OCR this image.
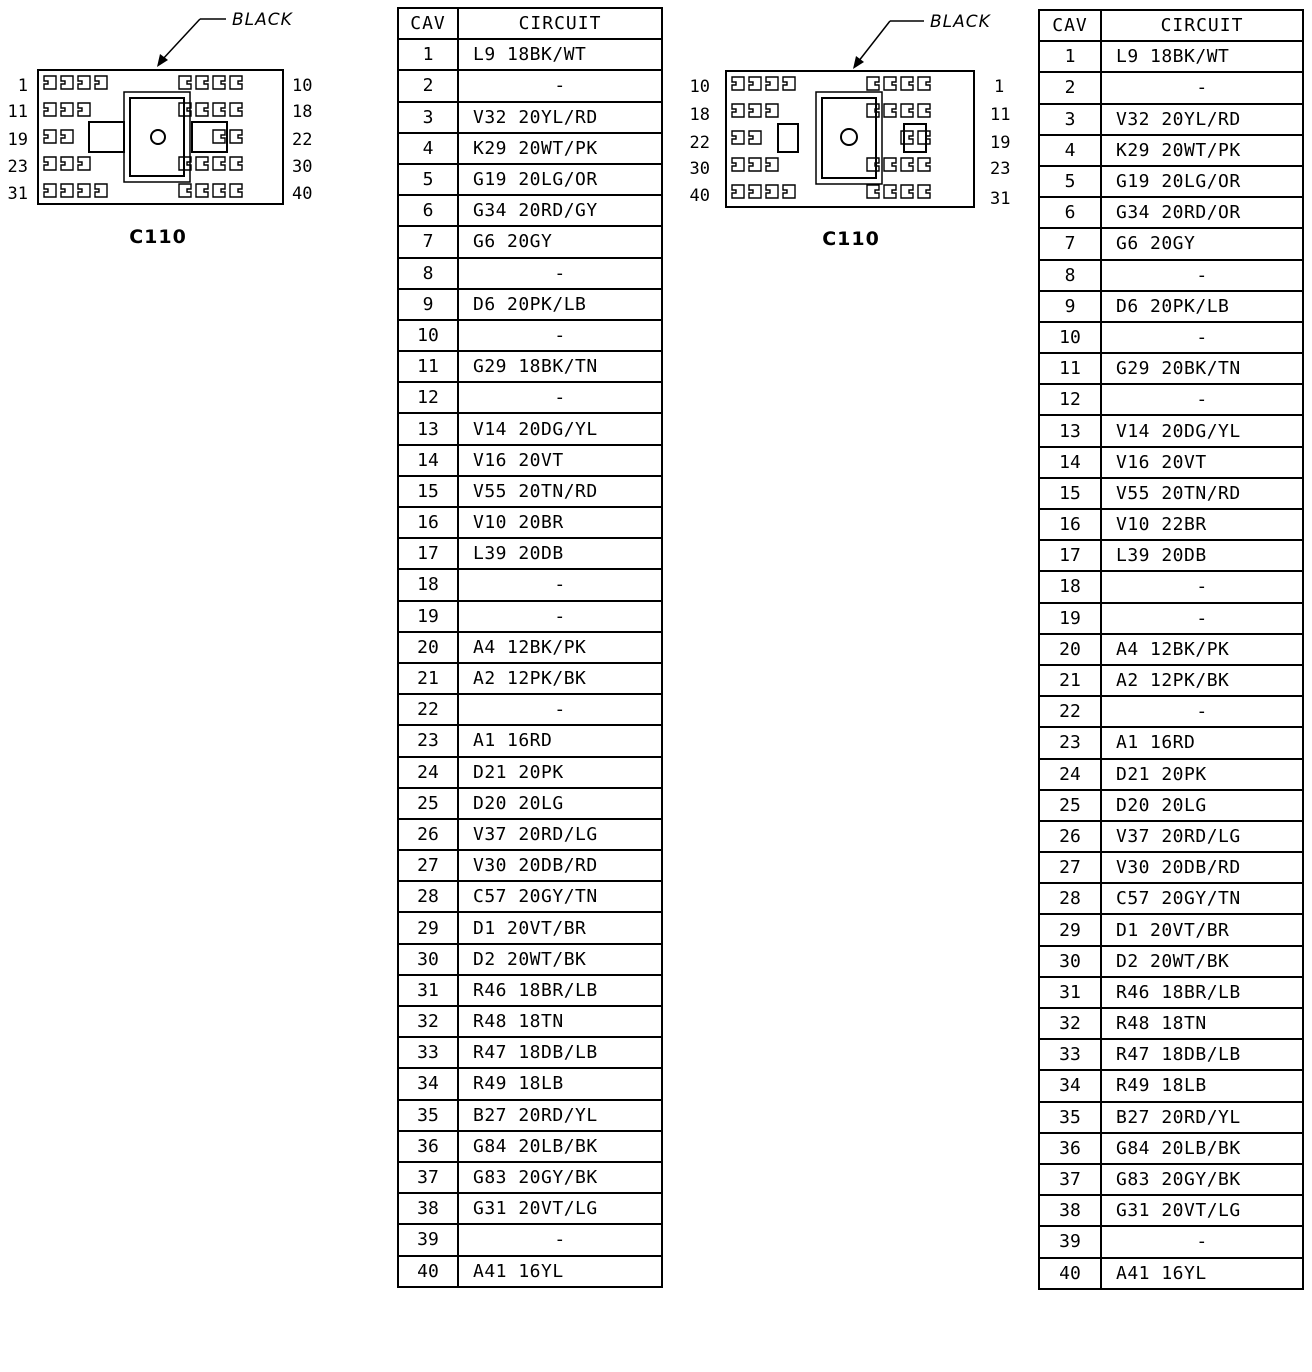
BLACK
1
11
19
23
31
10
18
22
30
40
C110
BLACK
10
18
22
30
40
1
11
19
23
31
C110
CAV	CIRCUIT
1	L9 18BK/WT
2	-
3	V32 20YL/RD
4	K29 20WT/PK
5	G19 20LG/OR
6	G34 20RD/GY
7	G6 20GY
8	-
9	D6 20PK/LB
10	-
11	G29 18BK/TN
12	-
13	V14 20DG/YL
14	V16 20VT
15	V55 20TN/RD
16	V10 20BR
17	L39 20DB
18	-
19	-
20	A4 12BK/PK
21	A2 12PK/BK
22	-
23	A1 16RD
24	D21 20PK
25	D20 20LG
26	V37 20RD/LG
27	V30 20DB/RD
28	C57 20GY/TN
29	D1 20VT/BR
30	D2 20WT/BK
31	R46 18BR/LB
32	R48 18TN
33	R47 18DB/LB
34	R49 18LB
35	B27 20RD/YL
36	G84 20LB/BK
37	G83 20GY/BK
38	G31 20VT/LG
39	-
40	A41 16YL
CAV	CIRCUIT
1	L9 18BK/WT
2	-
3	V32 20YL/RD
4	K29 20WT/PK
5	G19 20LG/OR
6	G34 20RD/OR
7	G6 20GY
8	-
9	D6 20PK/LB
10	-
11	G29 20BK/TN
12	-
13	V14 20DG/YL
14	V16 20VT
15	V55 20TN/RD
16	V10 22BR
17	L39 20DB
18	-
19	-
20	A4 12BK/PK
21	A2 12PK/BK
22	-
23	A1 16RD
24	D21 20PK
25	D20 20LG
26	V37 20RD/LG
27	V30 20DB/RD
28	C57 20GY/TN
29	D1 20VT/BR
30	D2 20WT/BK
31	R46 18BR/LB
32	R48 18TN
33	R47 18DB/LB
34	R49 18LB
35	B27 20RD/YL
36	G84 20LB/BK
37	G83 20GY/BK
38	G31 20VT/LG
39	-
40	A41 16YL
